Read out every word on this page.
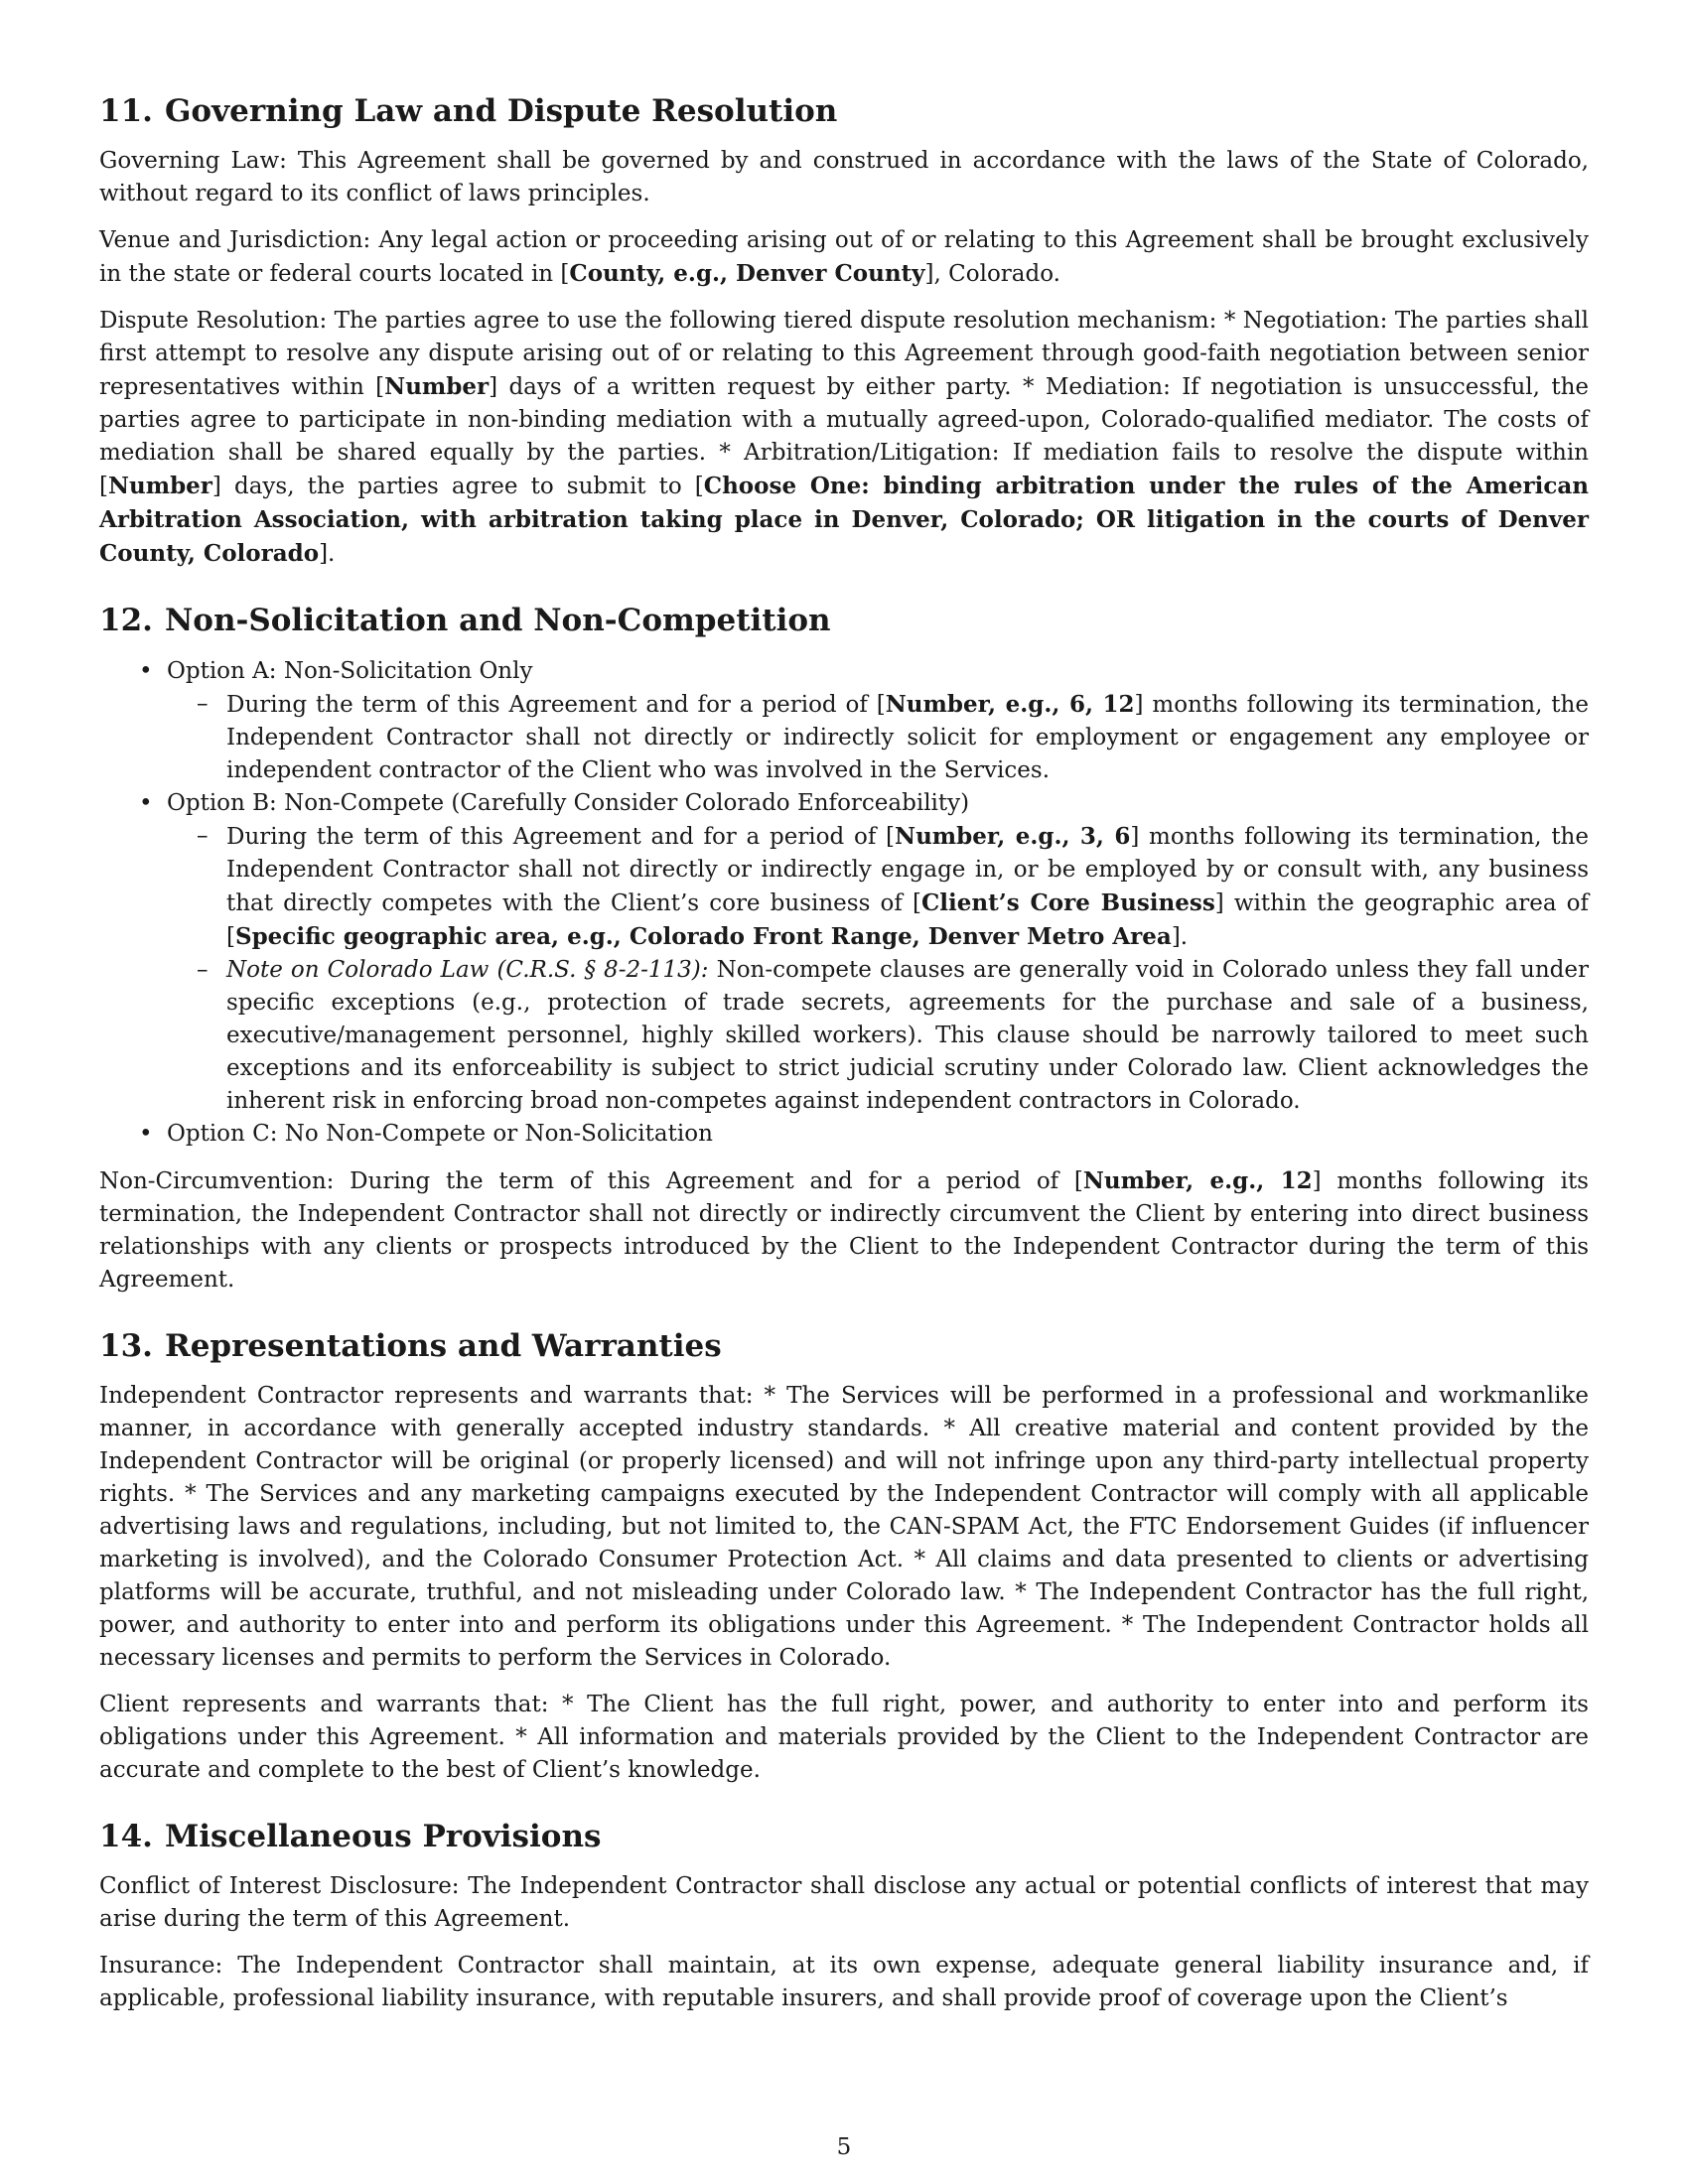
11. Governing Law and Dispute Resolution

Governing Law: This Agreement shall be governed by and construed in accordance with the laws of the State of Colorado, without regard to its conflict of laws principles.

Venue and Jurisdiction: Any legal action or proceeding arising out of or relating to this Agreement shall be brought exclusively in the state or federal courts located in [County, e.g., Denver County], Colorado.

Dispute Resolution: The parties agree to use the following tiered dispute resolution mechanism: * Negotiation: The parties shall first attempt to resolve any dispute arising out of or relating to this Agreement through good-faith negotiation between senior representatives within [Number] days of a written request by either party. * Mediation: If negotiation is unsuccessful, the parties agree to participate in non-binding mediation with a mutually agreed-upon, Colorado-qualified mediator. The costs of mediation shall be shared equally by the parties. * Arbitration/Litigation: If mediation fails to resolve the dispute within [Number] days, the parties agree to submit to [Choose One: binding arbitration under the rules of the American Arbitration Association, with arbitration taking place in Denver, Colorado; OR litigation in the courts of Denver County, Colorado].

12. Non-Solicitation and Non-Competition
• Option A: Non-Solicitation Only
– During the term of this Agreement and for a period of [Number, e.g., 6, 12] months following its termination, the Independent Contractor shall not directly or indirectly solicit for employment or engagement any employee or independent contractor of the Client who was involved in the Services.
• Option B: Non-Compete (Carefully Consider Colorado Enforceability)
– During the term of this Agreement and for a period of [Number, e.g., 3, 6] months following its termination, the Independent Contractor shall not directly or indirectly engage in, or be employed by or consult with, any business that directly competes with the Client’s core business of [Client’s Core Business] within the geographic area of [Specific geographic area, e.g., Colorado Front Range, Denver Metro Area].
– Note on Colorado Law (C.R.S. § 8-2-113): Non-compete clauses are generally void in Colorado unless they fall under specific exceptions (e.g., protection of trade secrets, agreements for the purchase and sale of a business, executive/management personnel, highly skilled workers). This clause should be narrowly tailored to meet such exceptions and its enforceability is subject to strict judicial scrutiny under Colorado law. Client acknowledges the inherent risk in enforcing broad non-competes against independent contractors in Colorado.
• Option C: No Non-Compete or Non-Solicitation

Non-Circumvention: During the term of this Agreement and for a period of [Number, e.g., 12] months following its termination, the Independent Contractor shall not directly or indirectly circumvent the Client by entering into direct business relationships with any clients or prospects introduced by the Client to the Independent Contractor during the term of this Agreement.

13. Representations and Warranties

Independent Contractor represents and warrants that: * The Services will be performed in a professional and workmanlike manner, in accordance with generally accepted industry standards. * All creative material and content provided by the Independent Contractor will be original (or properly licensed) and will not infringe upon any third-party intellectual property rights. * The Services and any marketing campaigns executed by the Independent Contractor will comply with all applicable advertising laws and regulations, including, but not limited to, the CAN-SPAM Act, the FTC Endorsement Guides (if influencer marketing is involved), and the Colorado Consumer Protection Act. * All claims and data presented to clients or advertising platforms will be accurate, truthful, and not misleading under Colorado law. * The Independent Contractor has the full right, power, and authority to enter into and perform its obligations under this Agreement. * The Independent Contractor holds all necessary licenses and permits to perform the Services in Colorado.

Client represents and warrants that: * The Client has the full right, power, and authority to enter into and perform its obligations under this Agreement. * All information and materials provided by the Client to the Independent Contractor are accurate and complete to the best of Client’s knowledge.

14. Miscellaneous Provisions

Conflict of Interest Disclosure: The Independent Contractor shall disclose any actual or potential conflicts of interest that may arise during the term of this Agreement.

Insurance: The Independent Contractor shall maintain, at its own expense, adequate general liability insurance and, if applicable, professional liability insurance, with reputable insurers, and shall provide proof of coverage upon the Client’s

5
